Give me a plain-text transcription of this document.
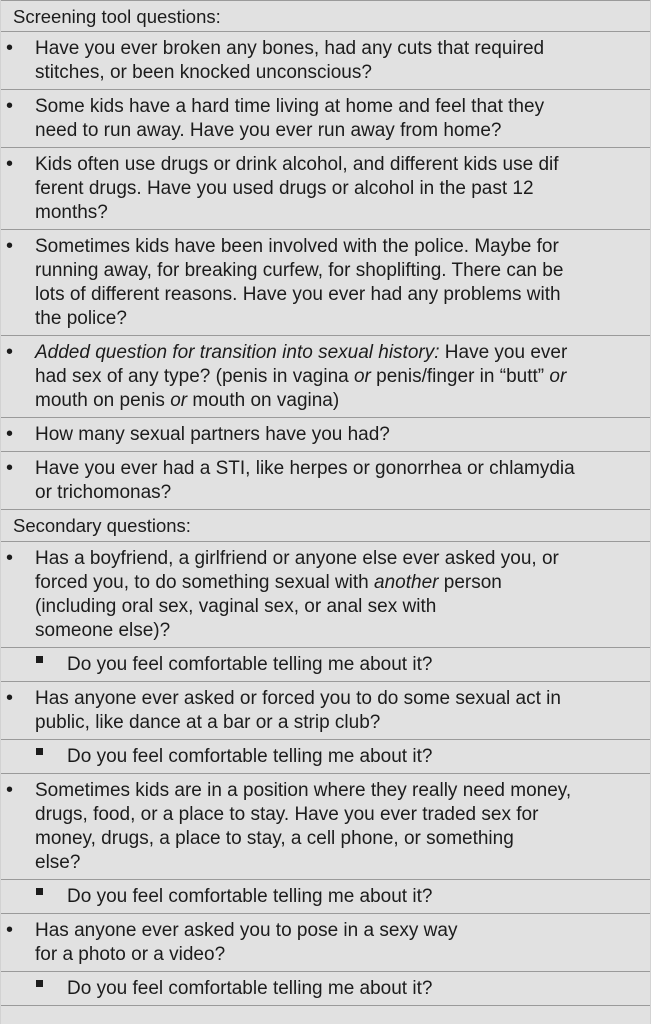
Screening tool questions:
• Have you ever broken any bones, had any cuts that required
stitches, or been knocked unconscious?
• Some kids have a hard time living at home and feel that they
need to run away. Have you ever run away from home?
• Kids often use drugs or drink alcohol, and different kids use dif
ferent drugs. Have you used drugs or alcohol in the past 12
months?
• Sometimes kids have been involved with the police. Maybe for
running away, for breaking curfew, for shoplifting. There can be
lots of different reasons. Have you ever had any problems with
the police?
• Added question for transition into sexual history: Have you ever
had sex of any type? (penis in vagina or penis/finger in “butt” or
mouth on penis or mouth on vagina)
• How many sexual partners have you had?
• Have you ever had a STI, like herpes or gonorrhea or chlamydia
or trichomonas?
Secondary questions:
• Has a boyfriend, a girlfriend or anyone else ever asked you, or
forced you, to do something sexual with another person
(including oral sex, vaginal sex, or anal sex with
someone else)?
Do you feel comfortable telling me about it?
• Has anyone ever asked or forced you to do some sexual act in
public, like dance at a bar or a strip club?
Do you feel comfortable telling me about it?
• Sometimes kids are in a position where they really need money,
drugs, food, or a place to stay. Have you ever traded sex for
money, drugs, a place to stay, a cell phone, or something
else?
Do you feel comfortable telling me about it?
• Has anyone ever asked you to pose in a sexy way
for a photo or a video?
Do you feel comfortable telling me about it?
